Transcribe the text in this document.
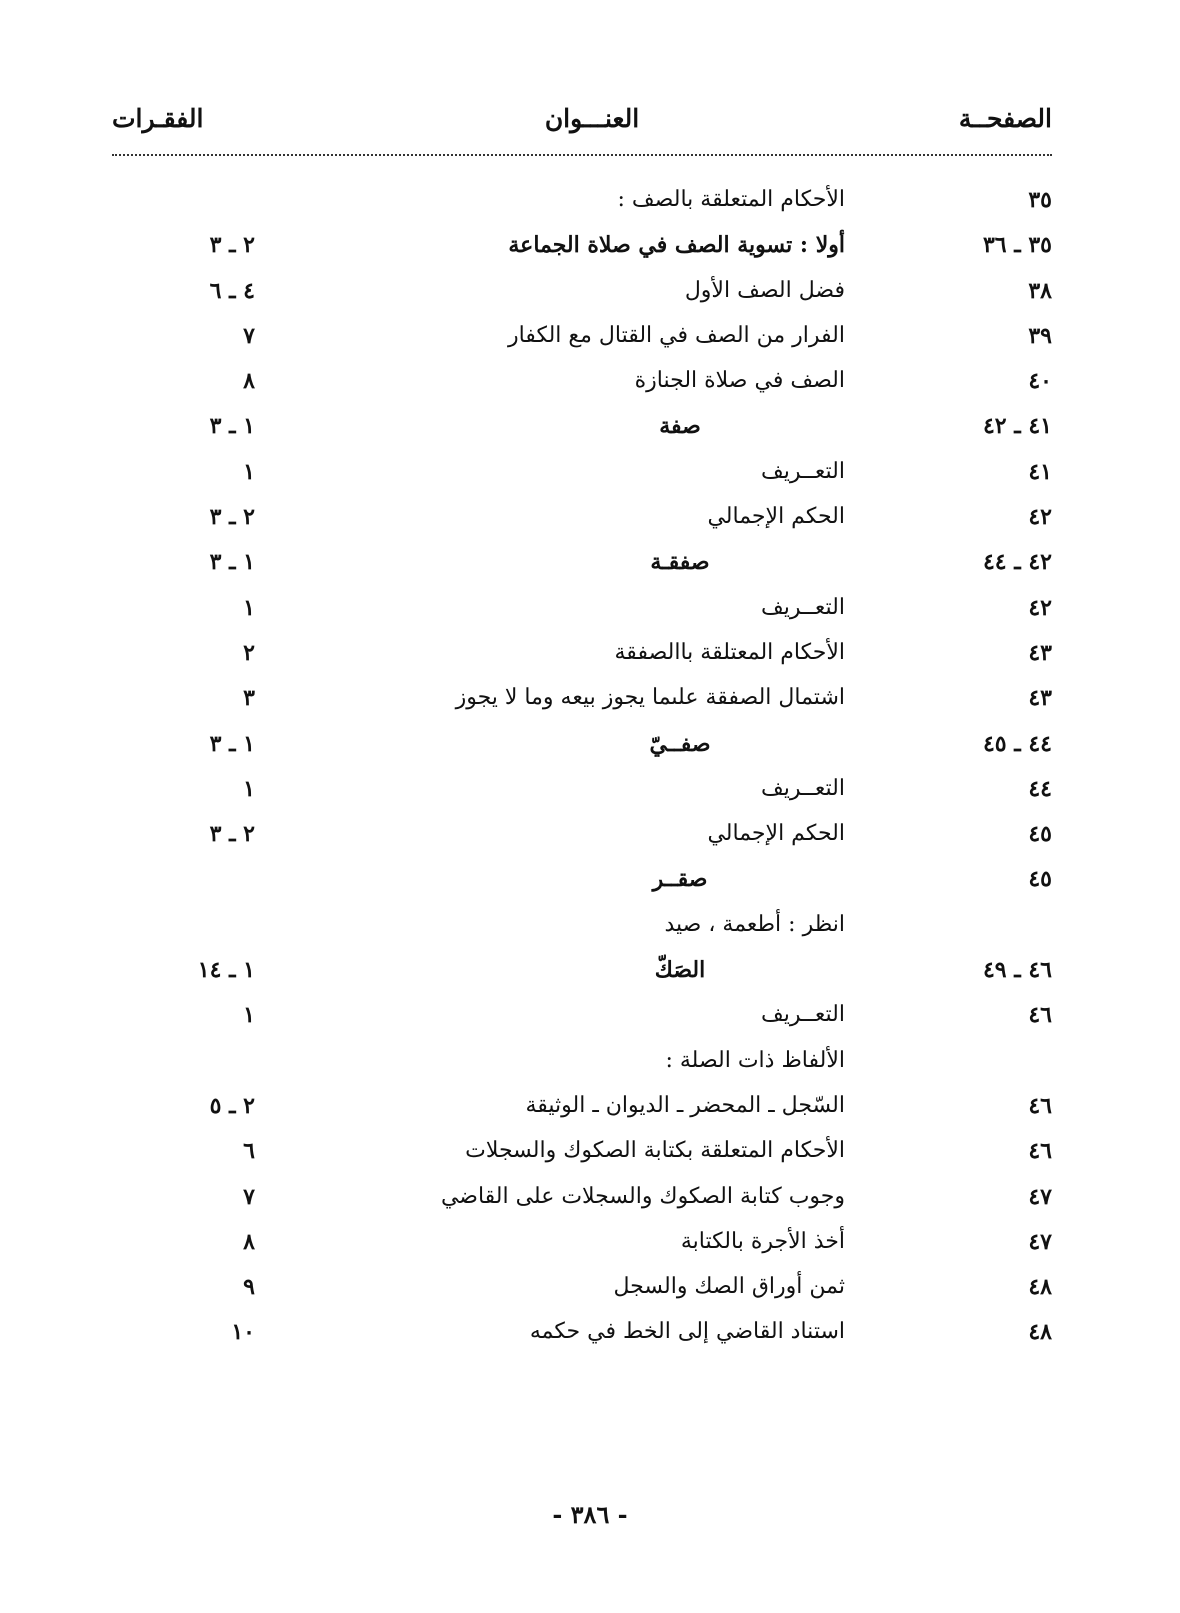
الصفحــة
العنـــوان
الفقـرات
٣٥
الأحكام المتعلقة بالصف :
٣٥ ـ ٣٦
أولا : تسوية الصف في صلاة الجماعة
٢ ـ ٣
٣٨
فضل الصف الأول
٤ ـ ٦
٣٩
الفرار من الصف في القتال مع الكفار
٧
٤٠
الصف في صلاة الجنازة
٨
٤١ ـ ٤٢
صفة
١ ـ ٣
٤١
التعــريف
١
٤٢
الحكم الإجمالي
٢ ـ ٣
٤٢ ـ ٤٤
صفقـة
١ ـ ٣
٤٢
التعــريف
١
٤٣
الأحكام المعتلقة باالصفقة
٢
٤٣
اشتمال الصفقة علىما يجوز بيعه وما لا يجوز
٣
٤٤ ـ ٤٥
صفــيّ
١ ـ ٣
٤٤
التعــريف
١
٤٥
الحكم الإجمالي
٢ ـ ٣
٤٥
صقــر
انظر : أطعمة ، صيد
٤٦ ـ ٤٩
الصَكّ
١ ـ ١٤
٤٦
التعــريف
١
الألفاظ ذات الصلة :
٤٦
السّجل ـ المحضر ـ الديوان ـ الوثيقة
٢ ـ ٥
٤٦
الأحكام المتعلقة بكتابة الصكوك والسجلات
٦
٤٧
وجوب كتابة الصكوك والسجلات على القاضي
٧
٤٧
أخذ الأجرة بالكتابة
٨
٤٨
ثمن أوراق الصك والسجل
٩
٤٨
استناد القاضي إلى الخط في حكمه
١٠
- ٣٨٦ -
